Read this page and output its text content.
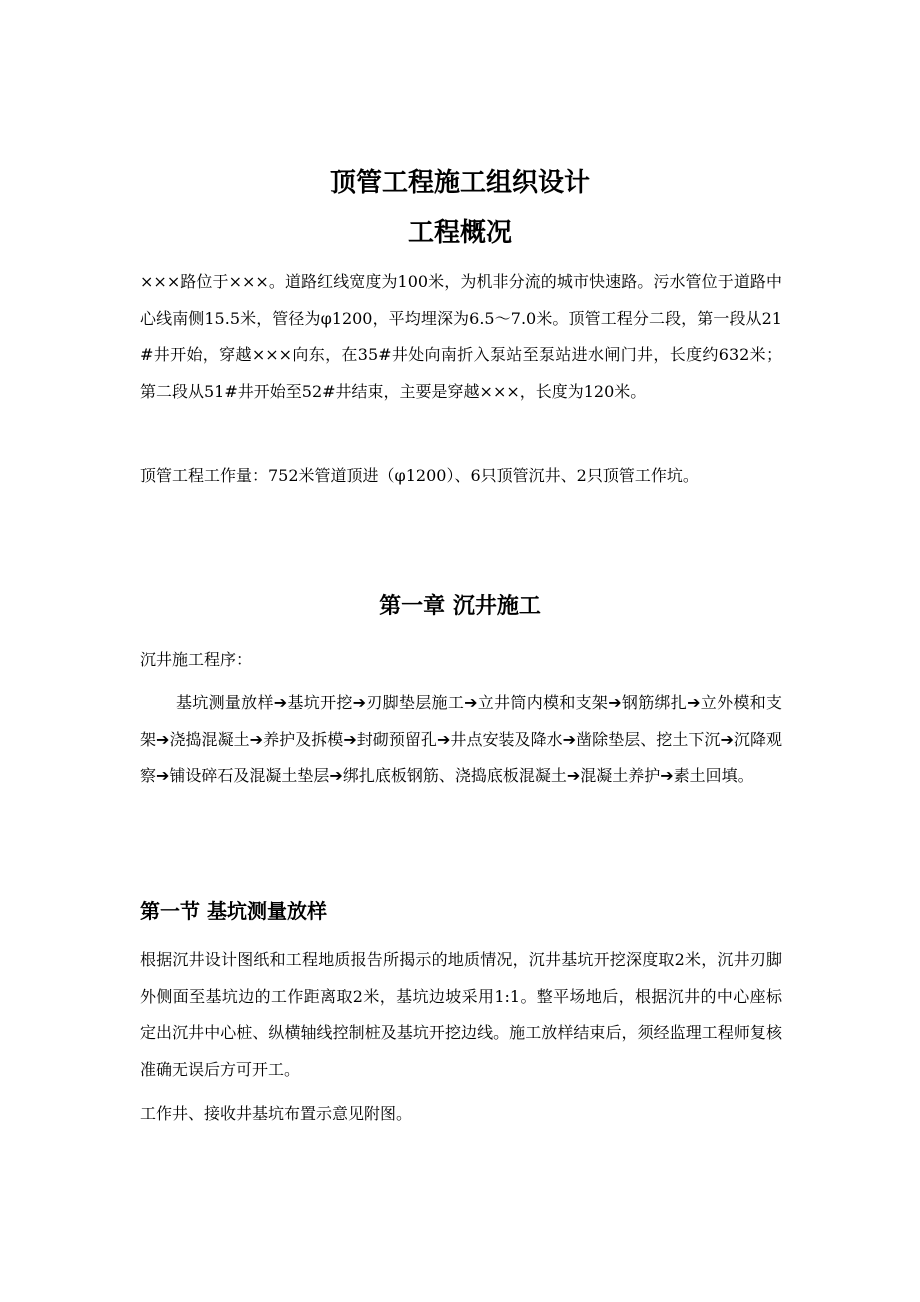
顶管工程施工组织设计
工程概况

×××路位于×××。道路红线宽度为100米，为机非分流的城市快速路。污水管位于道路中心线南侧15.5米，管径为φ1200，平均埋深为6.5～7.0米。顶管工程分二段，第一段从21#井开始，穿越×××向东，在35#井处向南折入泵站至泵站进水闸门井，长度约632米；第二段从51#井开始至52#井结束，主要是穿越×××，长度为120米。

顶管工程工作量：752米管道顶进（φ1200）、6只顶管沉井、2只顶管工作坑。

第一章 沉井施工

沉井施工程序：

基坑测量放样➔基坑开挖➔刃脚垫层施工➔立井筒内模和支架➔钢筋绑扎➔立外模和支架➔浇捣混凝土➔养护及拆模➔封砌预留孔➔井点安装及降水➔凿除垫层、挖土下沉➔沉降观察➔铺设碎石及混凝土垫层➔绑扎底板钢筋、浇捣底板混凝土➔混凝土养护➔素土回填。

第一节 基坑测量放样

根据沉井设计图纸和工程地质报告所揭示的地质情况，沉井基坑开挖深度取2米，沉井刃脚外侧面至基坑边的工作距离取2米，基坑边坡采用1:1。整平场地后，根据沉井的中心座标定出沉井中心桩、纵横轴线控制桩及基坑开挖边线。施工放样结束后，须经监理工程师复核准确无误后方可开工。

工作井、接收井基坑布置示意见附图。
